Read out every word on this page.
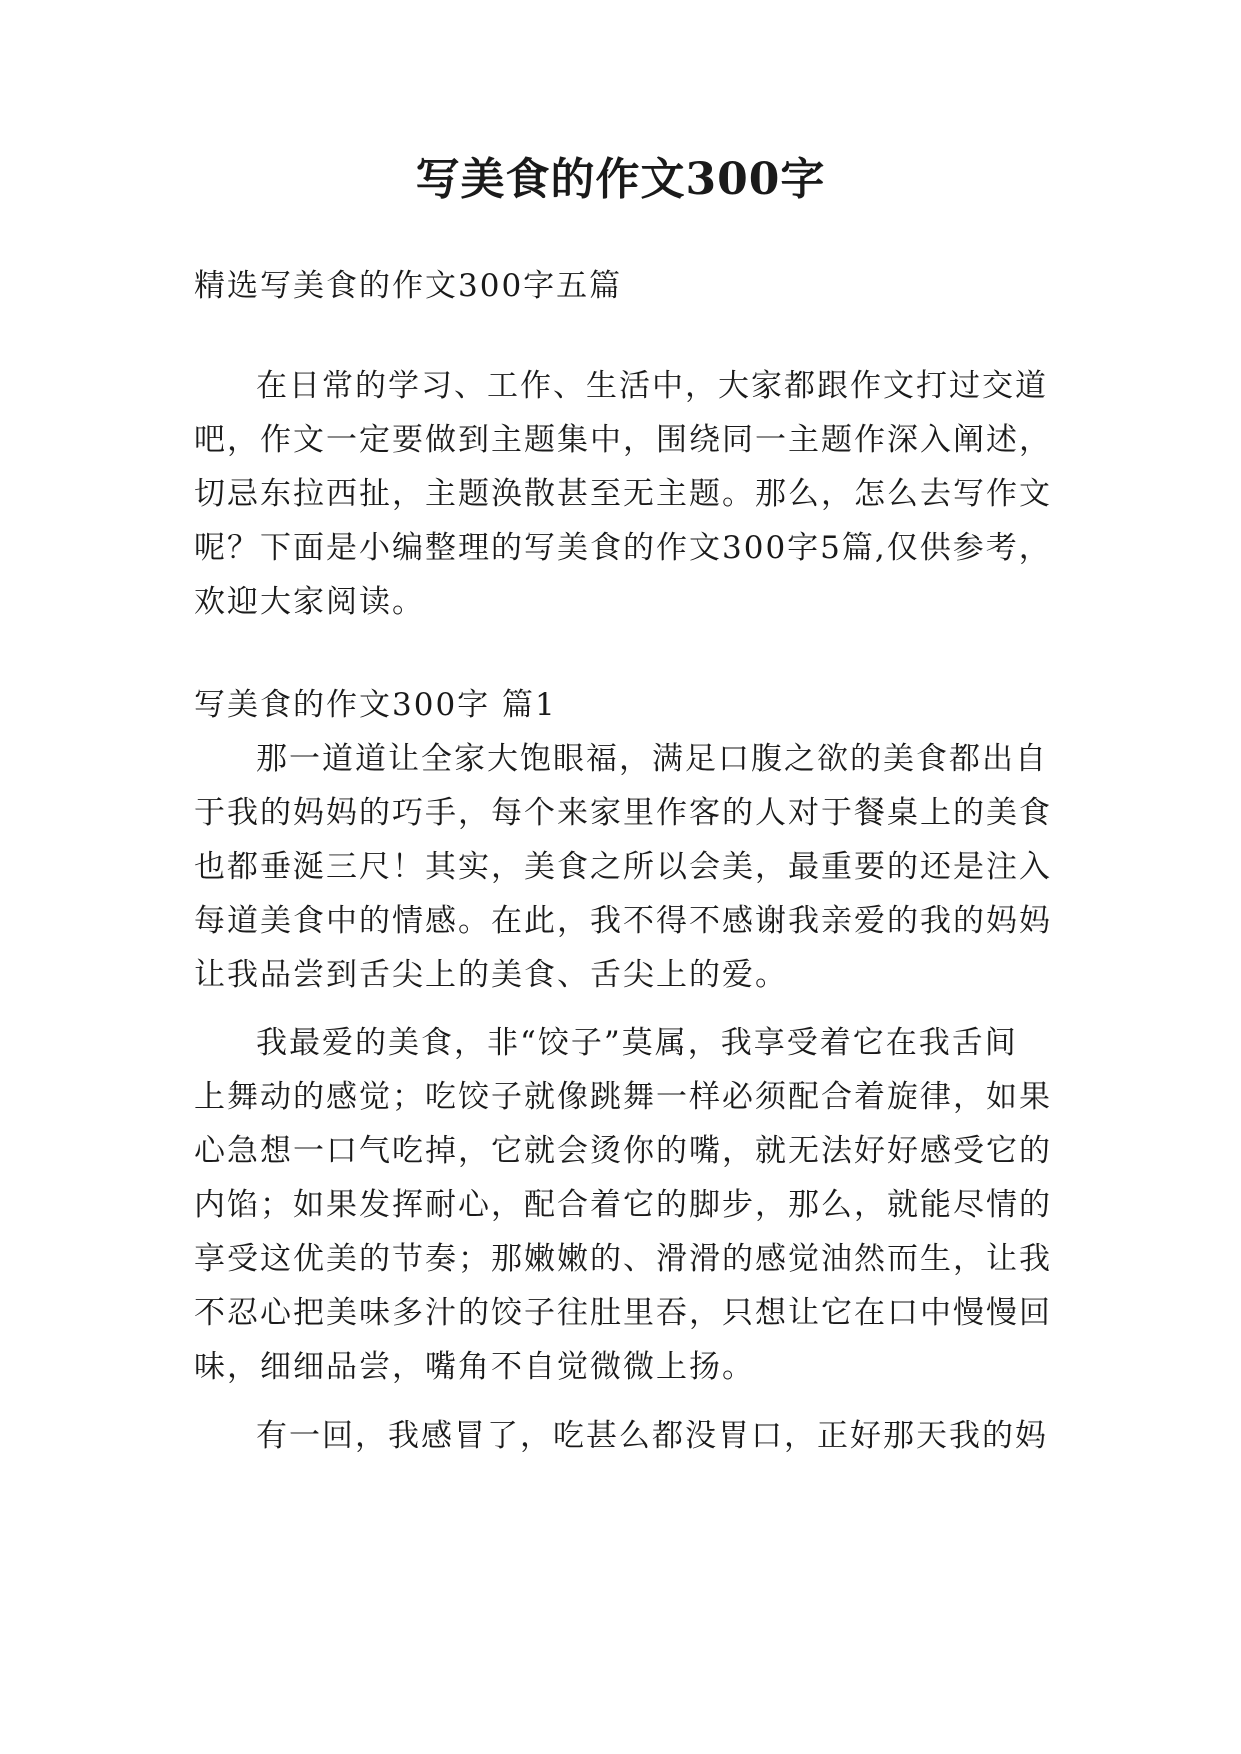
写美食的作文300字
精选写美食的作文300字五篇
在日常的学习、工作、生活中，大家都跟作文打过交道
吧，作文一定要做到主题集中，围绕同一主题作深入阐述，
切忌东拉西扯，主题涣散甚至无主题。那么，怎么去写作文
呢？下面是小编整理的写美食的作文300字5篇,仅供参考，
欢迎大家阅读。
写美食的作文300字 篇1
那一道道让全家大饱眼福，满足口腹之欲的美食都出自
于我的妈妈的巧手，每个来家里作客的人对于餐桌上的美食
也都垂涎三尺！其实，美食之所以会美，最重要的还是注入
每道美食中的情感。在此，我不得不感谢我亲爱的我的妈妈
让我品尝到舌尖上的美食、舌尖上的爱。
我最爱的美食，非“饺子”莫属，我享受着它在我舌间
上舞动的感觉；吃饺子就像跳舞一样必须配合着旋律，如果
心急想一口气吃掉，它就会烫你的嘴，就无法好好感受它的
内馅；如果发挥耐心，配合着它的脚步，那么，就能尽情的
享受这优美的节奏；那嫩嫩的、滑滑的感觉油然而生，让我
不忍心把美味多汁的饺子往肚里吞，只想让它在口中慢慢回
味，细细品尝，嘴角不自觉微微上扬。
有一回，我感冒了，吃甚么都没胃口，正好那天我的妈
